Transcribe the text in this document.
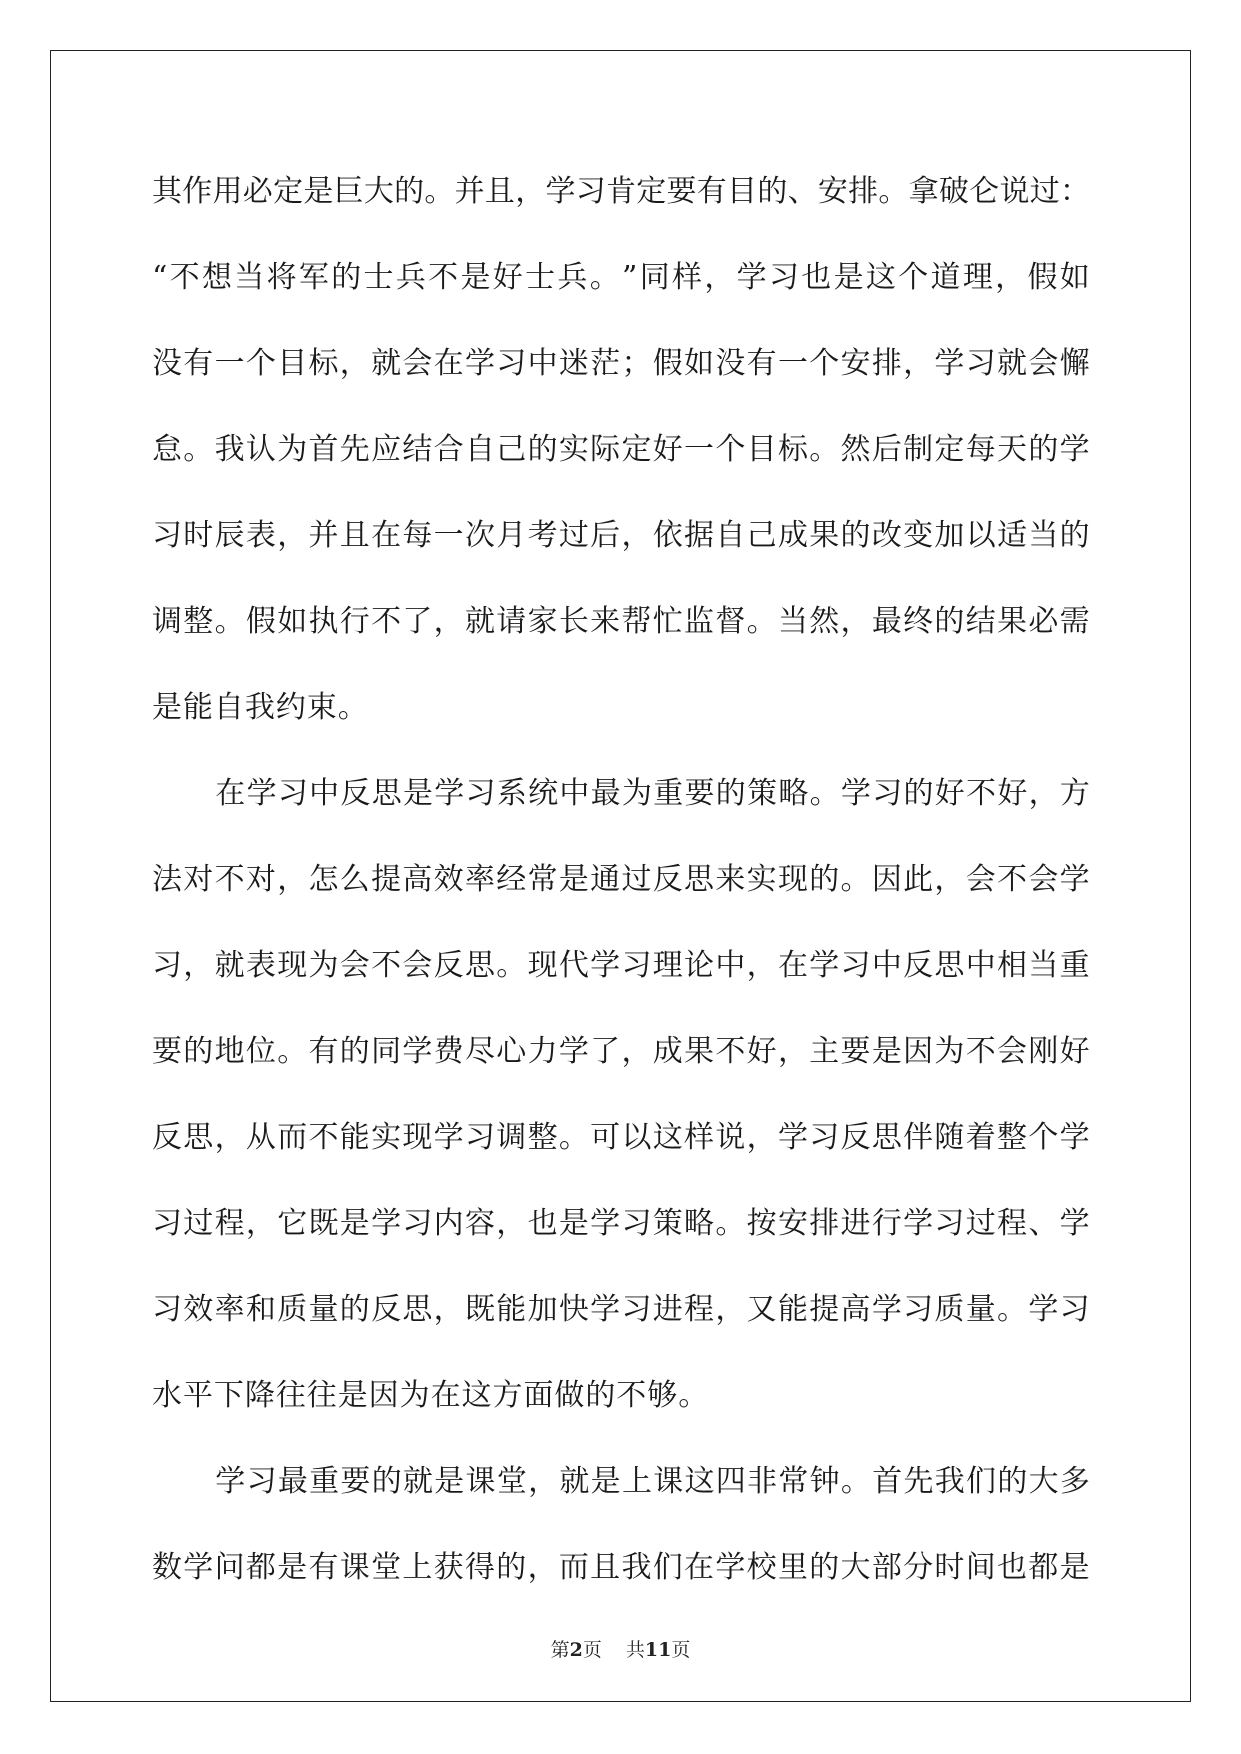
其 作 用 必 定 是 巨 大 的 。 并 且 ， 学 习 肯 定 要 有 目 的 、 安 排 。 拿 破 仑 说 过 ：
“ 不 想 当 将 军 的 士 兵 不 是 好 士 兵 。 ” 同 样 ， 学 习 也 是 这 个 道 理 ， 假 如
没 有 一 个 目 标 ， 就 会 在 学 习 中 迷 茫 ； 假 如 没 有 一 个 安 排 ， 学 习 就 会 懈
怠 。 我 认 为 首 先 应 结 合 自 己 的 实 际 定 好 一 个 目 标 。 然 后 制 定 每 天 的 学
习 时 辰 表 ， 并 且 在 每 一 次 月 考 过 后 ， 依 据 自 己 成 果 的 改 变 加 以 适 当 的
调 整 。 假 如 执 行 不 了 ， 就 请 家 长 来 帮 忙 监 督 。 当 然 ， 最 终 的 结 果 必 需
是 能 自 我 约 束 。
在 学 习 中 反 思 是 学 习 系 统 中 最 为 重 要 的 策 略 。 学 习 的 好 不 好 ， 方
法 对 不 对 ， 怎 么 提 高 效 率 经 常 是 通 过 反 思 来 实 现 的 。 因 此 ， 会 不 会 学
习 ， 就 表 现 为 会 不 会 反 思 。 现 代 学 习 理 论 中 ， 在 学 习 中 反 思 中 相 当 重
要 的 地 位 。 有 的 同 学 费 尽 心 力 学 了 ， 成 果 不 好 ， 主 要 是 因 为 不 会 刚 好
反 思 ， 从 而 不 能 实 现 学 习 调 整 。 可 以 这 样 说 ， 学 习 反 思 伴 随 着 整 个 学
习 过 程 ， 它 既 是 学 习 内 容 ， 也 是 学 习 策 略 。 按 安 排 进 行 学 习 过 程 、 学
习 效 率 和 质 量 的 反 思 ， 既 能 加 快 学 习 进 程 ， 又 能 提 高 学 习 质 量 。 学 习
水 平 下 降 往 往 是 因 为 在 这 方 面 做 的 不 够 。
学 习 最 重 要 的 就 是 课 堂 ， 就 是 上 课 这 四 非 常 钟 。 首 先 我 们 的 大 多
数 学 问 都 是 有 课 堂 上 获 得 的 ， 而 且 我 们 在 学 校 里 的 大 部 分 时 间 也 都 是
第2页 共11页
